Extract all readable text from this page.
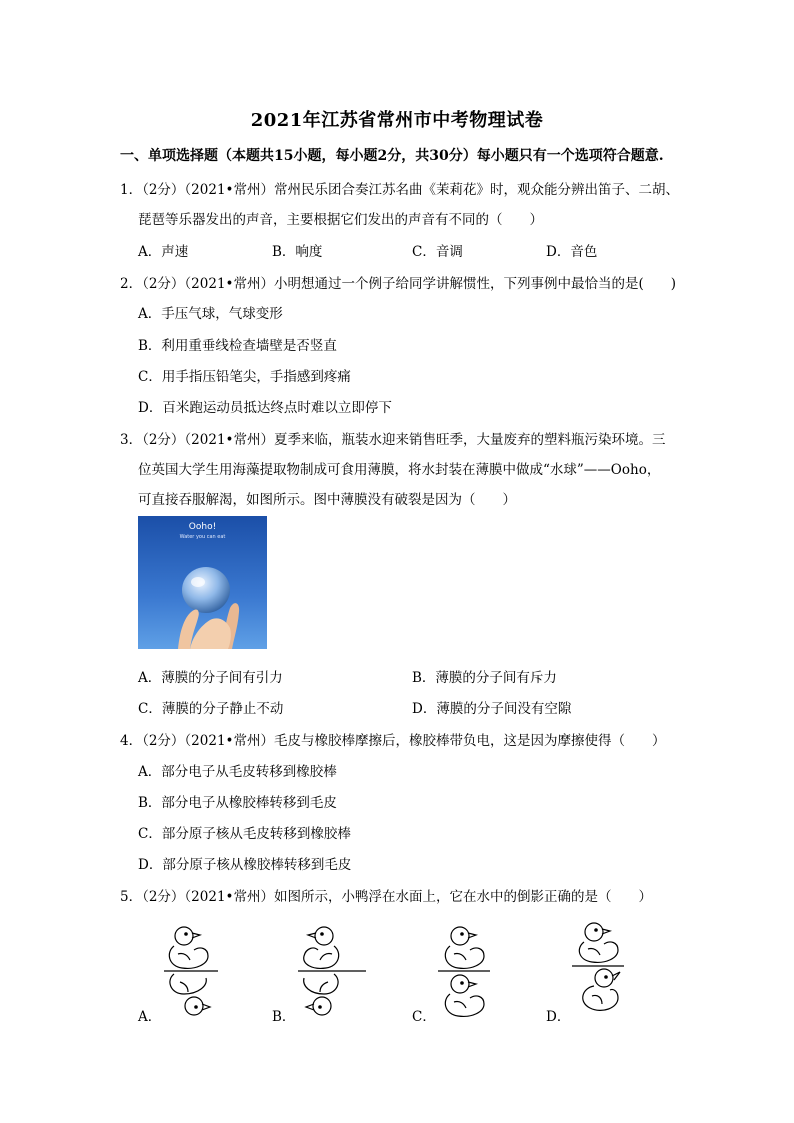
2021年江苏省常州市中考物理试卷
一、单项选择题（本题共15小题，每小题2分，共30分）每小题只有一个选项符合题意.
1．（2分）（2021•常州）常州民乐团合奏江苏名曲《茉莉花》时，观众能分辨出笛子、二胡、
琵琶等乐器发出的声音，主要根据它们发出的声音有不同的（　　）
A．声速	B．响度	C．音调	D．音色
2．（2分）（2021•常州）小明想通过一个例子给同学讲解惯性，下列事例中最恰当的是(　　)
A．手压气球，气球变形
B．利用重垂线检查墙壁是否竖直
C．用手指压铅笔尖，手指感到疼痛
D．百米跑运动员抵达终点时难以立即停下
3．（2分）（2021•常州）夏季来临，瓶装水迎来销售旺季，大量废弃的塑料瓶污染环境。三
位英国大学生用海藻提取物制成可食用薄膜，将水封装在薄膜中做成“水球”——Ooho，
可直接吞服解渴，如图所示。图中薄膜没有破裂是因为（　　）
Ooho!
Water you can eat
A．薄膜的分子间有引力	B．薄膜的分子间有斥力
C．薄膜的分子静止不动	D．薄膜的分子间没有空隙
4．（2分）（2021•常州）毛皮与橡胶棒摩擦后，橡胶棒带负电，这是因为摩擦使得（　　）
A．部分电子从毛皮转移到橡胶棒
B．部分电子从橡胶棒转移到毛皮
C．部分原子核从毛皮转移到橡胶棒
D．部分原子核从橡胶棒转移到毛皮
5．（2分）（2021•常州）如图所示，小鸭浮在水面上，它在水中的倒影正确的是（　　）
A．	B．	C．	D．
